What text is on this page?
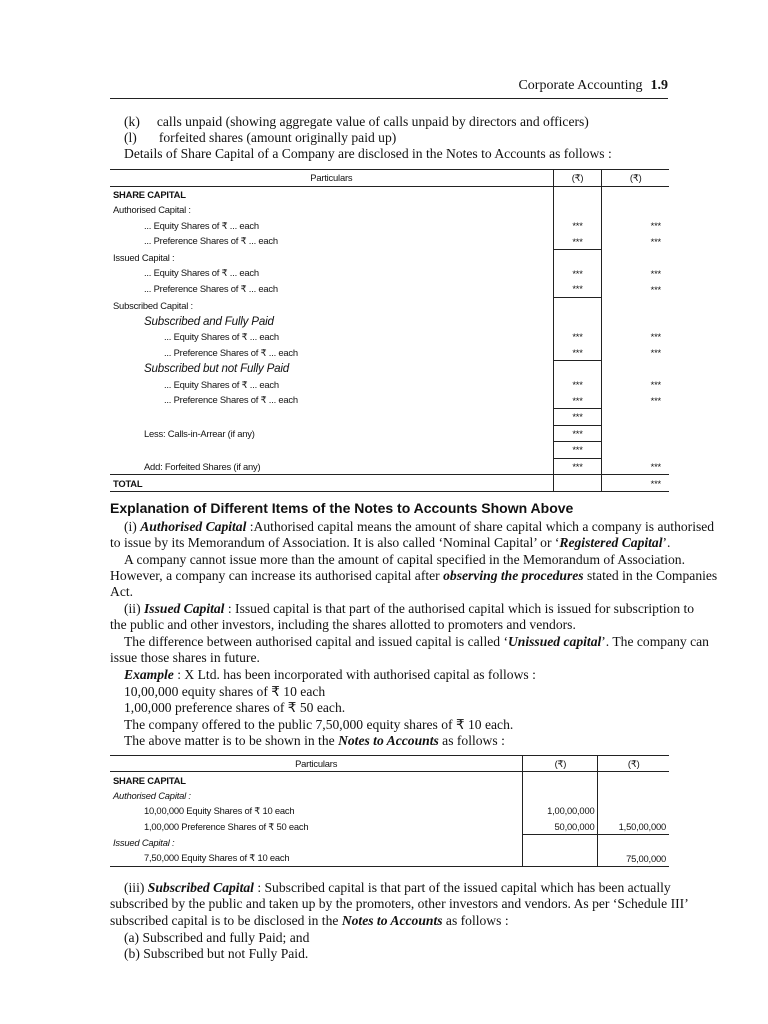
Corporate Accounting 1.9
(k) calls unpaid (showing aggregate value of calls unpaid by directors and officers)
(l) forfeited shares (amount originally paid up)
Details of Share Capital of a Company are disclosed in the Notes to Accounts as follows :
Particulars	(₹)	(₹)
SHARE CAPITAL		
Authorised Capital :		
... Equity Shares of ₹ ... each	***	***
... Preference Shares of ₹ ... each	***	***
Issued Capital :		
... Equity Shares of ₹ ... each	***	***
... Preference Shares of ₹ ... each	***	***
Subscribed Capital :		
Subscribed and Fully Paid		
... Equity Shares of ₹ ... each	***	***
... Preference Shares of ₹ ... each	***	***
Subscribed but not Fully Paid		
... Equity Shares of ₹ ... each	***	***
... Preference Shares of ₹ ... each	***	***
	***	
Less: Calls-in-Arrear (if any)	***	
	***	
Add: Forfeited Shares (if any)	***	***
TOTAL		***
Explanation of Different Items of the Notes to Accounts Shown Above
(i) Authorised Capital :Authorised capital means the amount of share capital which a company is authorised
to issue by its Memorandum of Association. It is also called ‘Nominal Capital’ or ‘Registered Capital’.
A company cannot issue more than the amount of capital specified in the Memorandum of Association.
However, a company can increase its authorised capital after observing the procedures stated in the Companies
Act.
(ii) Issued Capital : Issued capital is that part of the authorised capital which is issued for subscription to
the public and other investors, including the shares allotted to promoters and vendors.
The difference between authorised capital and issued capital is called ‘Unissued capital’. The company can
issue those shares in future.
Example : X Ltd. has been incorporated with authorised capital as follows :
10,00,000 equity shares of ₹ 10 each
1,00,000 preference shares of ₹ 50 each.
The company offered to the public 7,50,000 equity shares of ₹ 10 each.
The above matter is to be shown in the Notes to Accounts as follows :
Particulars	(₹)	(₹)
SHARE CAPITAL		
Authorised Capital :		
10,00,000 Equity Shares of ₹ 10 each	1,00,00,000	
1,00,000 Preference Shares of ₹ 50 each	50,00,000	1,50,00,000
Issued Capital :		
7,50,000 Equity Shares of ₹ 10 each		75,00,000
(iii) Subscribed Capital : Subscribed capital is that part of the issued capital which has been actually
subscribed by the public and taken up by the promoters, other investors and vendors. As per ‘Schedule III’
subscribed capital is to be disclosed in the Notes to Accounts as follows :
(a) Subscribed and fully Paid; and
(b) Subscribed but not Fully Paid.
